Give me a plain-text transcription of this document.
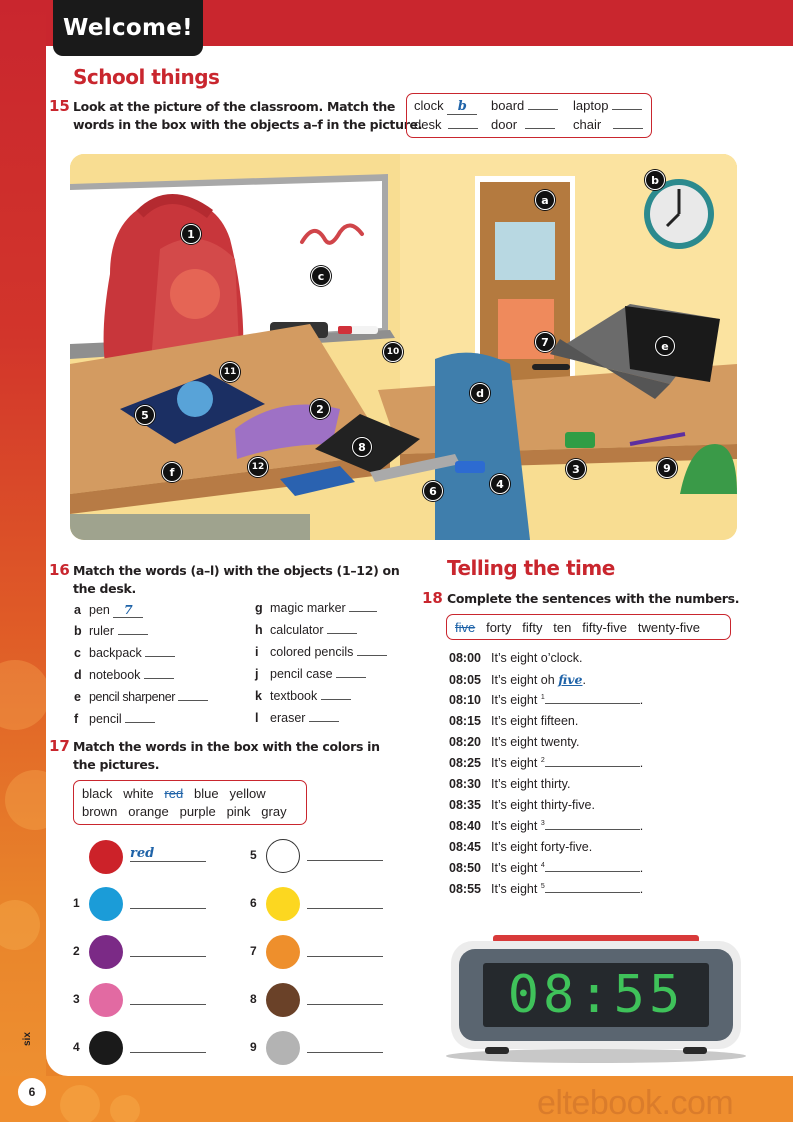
Welcome!
School things
15 Look at the picture of the classroom. Match the
words in the box with the objects a–f in the picture.
clock b	board	laptop
desk	door	chair
a
b
c
d
e
f
1
2
3
4
5
6
7
8
9
10
11
12
16 Match the words (a–l) with the objects (1–12) on
the desk.
a pen 7
b ruler
c backpack
d notebook
e pencil sharpener
f pencil
g magic marker
h calculator
i colored pencils
j pencil case
k textbook
l eraser
17 Match the words in the box with the colors in
the pictures.
black white red blue yellow
brown orange purple pink gray
red
1
2
3
4
5
6
7
8
9
Telling the time
18 Complete the sentences with the numbers.
five forty fifty ten fifty-five twenty-five
08:00 It’s eight o’clock.
08:05 It’s eight oh five.
08:10 It’s eight $^1$	.
08:15 It’s eight fifteen.
08:20 It’s eight twenty.
08:25 It’s eight $^2$	.
08:30 It’s eight thirty.
08:35 It’s eight thirty-five.
08:40 It’s eight $^3$	.
08:45 It’s eight forty-five.
08:50 It’s eight $^4$	.
08:55 It’s eight $^5$	.
08:55
six
6	eltebook.com
